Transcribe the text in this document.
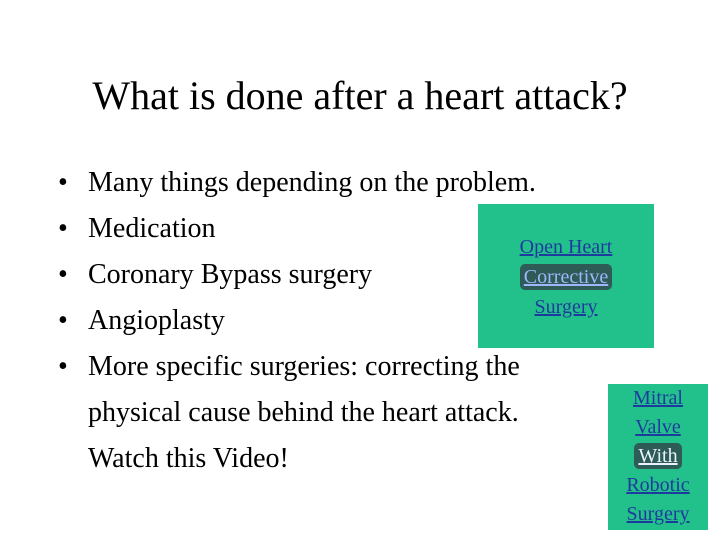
What is done after a heart attack?
• Many things depending on the problem.
• Medication
• Coronary Bypass surgery
• Angioplasty
• More specific surgeries: correcting the
physical cause behind the heart attack.
Watch this Video!
Open Heart
Corrective
Surgery
Mitral
Valve
With
Robotic
Surgery
